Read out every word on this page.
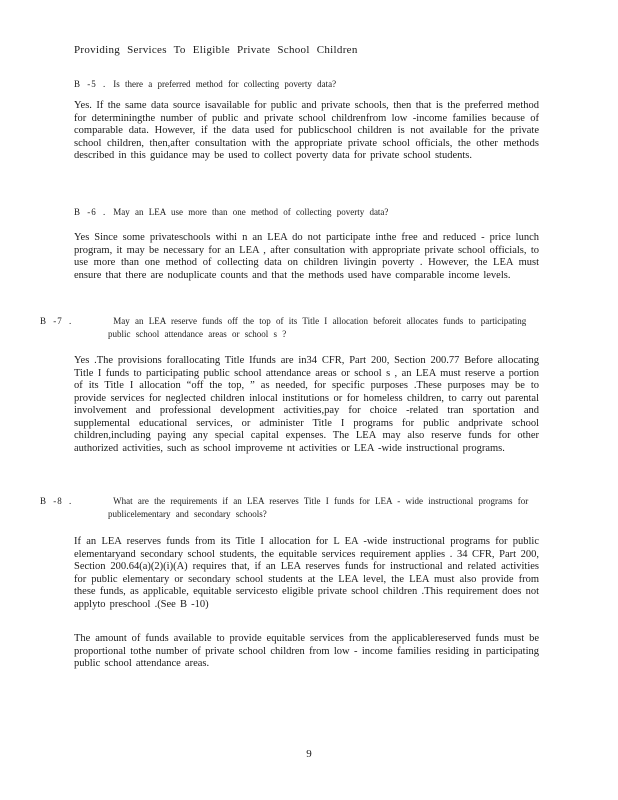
Providing Services To Eligible Private School Children
B -5 . Is there a preferred method for collecting poverty data?

Yes. If the same data source isavailable for public and private schools, then that is the preferred method for determiningthe number of public and private school childrenfrom low -income families because of comparable data. However, if the data used for publicschool children is not available for the private school children, then,after consultation with the appropriate private school officials, the other methods described in this guidance may be used to collect poverty data for private school students.

B -6 . May an LEA use more than one method of collecting poverty data?

Yes Since some privateschools withi n an LEA do not participate inthe free and reduced - price lunch program, it may be necessary for an LEA , after consultation with appropriate private school officials, to use more than one method of collecting data on children livingin poverty . However, the LEA must ensure that there are noduplicate counts and that the methods used have comparable income levels.

B -7 .	May an LEA reserve funds off the top of its Title I allocation beforeit allocates funds to participating public school attendance areas or school s ?

Yes .The provisions forallocating Title Ifunds are in34 CFR, Part 200, Section 200.77 Before allocating Title I funds to participating public school attendance areas or school s , an LEA must reserve a portion of its Title I allocation “off the top, ” as needed, for specific purposes .These purposes may be to provide services for neglected children inlocal institutions or for homeless children, to carry out parental involvement and professional development activities,pay for choice -related tran sportation and supplemental educational services, or administer Title I programs for public andprivate school children,including paying any special capital expenses. The LEA may also reserve funds for other authorized activities, such as school improveme nt activities or LEA -wide instructional programs.

B -8 .	What are the requirements if an LEA reserves Title I funds for LEA - wide instructional programs for publicelementary and secondary schools?

If an LEA reserves funds from its Title I allocation for L EA -wide instructional programs for public elementaryand secondary school students, the equitable services requirement applies . 34 CFR, Part 200, Section 200.64(a)(2)(i)(A) requires that, if an LEA reserves funds for instructional and related activities for public elementary or secondary school students at the LEA level, the LEA must also provide from these funds, as applicable, equitable servicesto eligible private school children .This requirement does not applyto preschool .(See B -10)

The amount of funds available to provide equitable services from the applicablereserved funds must be proportional tothe number of private school children from low - income families residing in participating public school attendance areas.

9
